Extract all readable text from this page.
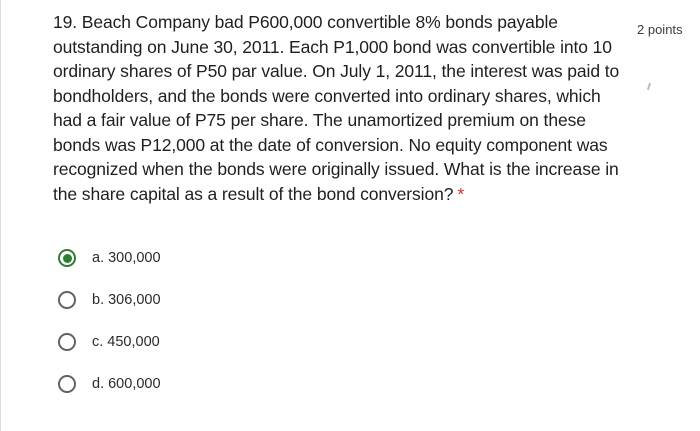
19. Beach Company bad P600,000 convertible 8% bonds payable outstanding on June 30, 2011. Each P1,000 bond was convertible into 10 ordinary shares of P50 par value. On July 1, 2011, the interest was paid to bondholders, and the bonds were converted into ordinary shares, which had a fair value of P75 per share. The unamortized premium on these bonds was P12,000 at the date of conversion. No equity component was recognized when the bonds were originally issued. What is the increase in the share capital as a result of the bond conversion? *
2 points
a. 300,000
b. 306,000
c. 450,000
d. 600,000
